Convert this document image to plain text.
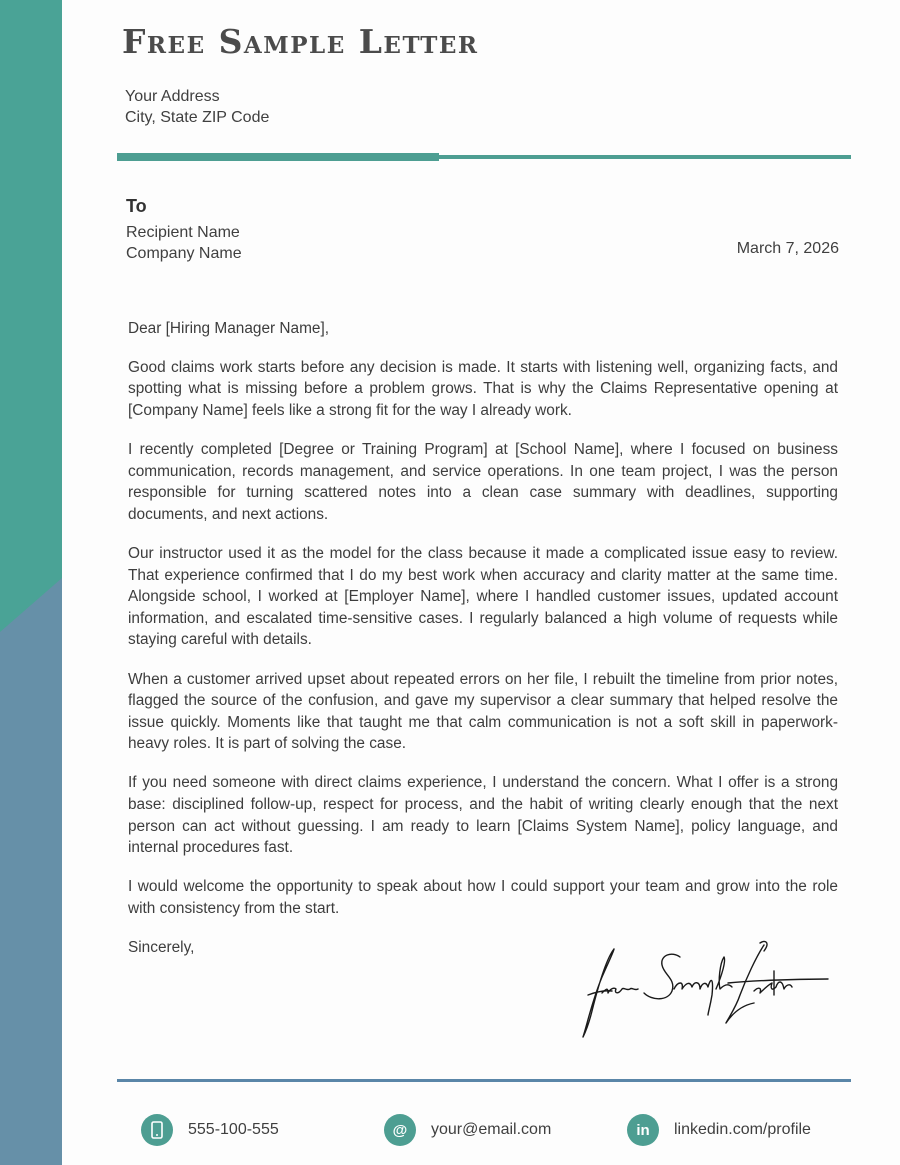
Free Sample Letter
Your Address
City, State ZIP Code
To
Recipient Name
Company Name	March 7, 2026

Dear [Hiring Manager Name],

Good claims work starts before any decision is made. It starts with listening well, organizing facts, and spotting what is missing before a problem grows. That is why the Claims Representative opening at [Company Name] feels like a strong fit for the way I already work.

I recently completed [Degree or Training Program] at [School Name], where I focused on business communication, records management, and service operations. In one team project, I was the person responsible for turning scattered notes into a clean case summary with deadlines, supporting documents, and next actions.

Our instructor used it as the model for the class because it made a complicated issue easy to review. That experience confirmed that I do my best work when accuracy and clarity matter at the same time. Alongside school, I worked at [Employer Name], where I handled customer issues, updated account information, and escalated time-sensitive cases. I regularly balanced a high volume of requests while staying careful with details.

When a customer arrived upset about repeated errors on her file, I rebuilt the timeline from prior notes, flagged the source of the confusion, and gave my supervisor a clear summary that helped resolve the issue quickly. Moments like that taught me that calm communication is not a soft skill in paperwork-heavy roles. It is part of solving the case.

If you need someone with direct claims experience, I understand the concern. What I offer is a strong base: disciplined follow-up, respect for process, and the habit of writing clearly enough that the next person can act without guessing. I am ready to learn [Claims System Name], policy language, and internal procedures fast.

I would welcome the opportunity to speak about how I could support your team and grow into the role with consistency from the start.

Sincerely,

555-100-555	@	your@email.com	in	linkedin.com/profile
